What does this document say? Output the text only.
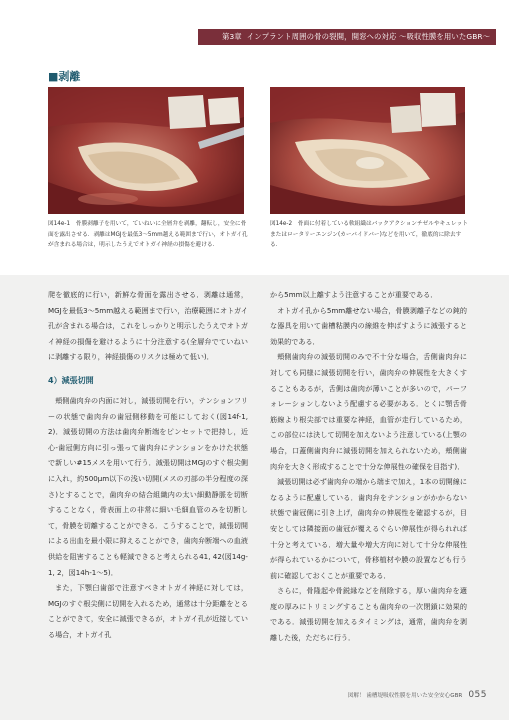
第3章 インプラント周囲の骨の裂開，開窓への対応 ～吸収性膜を用いたGBR～
■剥離
図14e-1　 骨膜剥離子を用いて，ていねいに全層弁を剥離，翻転し，安全に骨面を露出させる．剥離はMGJを最低3～5mm越える範囲まで行い，オトガイ孔が含まれる場合は，明示したうえでオトガイ神経の損傷を避ける．
図14e-2　 骨面に付着している軟組織はバックアクションチゼルやキュレットまたはロータリーエンジン(カーバイドバー)などを用いて，徹底的に除去する．

爬を徹底的に行い，新鮮な骨面を露出させる．剥離は通常，MGJを最低3～5mm越える範囲まで行い，治療範囲にオトガイ孔が含まれる場合は，これをしっかりと明示したうえでオトガイ神経の損傷を避けるように十分注意する(全層弁でていねいに剥離する限り，神経損傷のリスクは極めて低い)．

4）減張切開

頬側歯肉弁の内面に対し，減張切開を行い，テンションフリーの状態で歯肉弁の歯冠側移動を可能にしておく(図14f-1, 2)．減張切開の方法は歯肉弁断端をピンセットで把持し，近心-歯冠側方向に引っ張って歯肉弁にテンションをかけた状態で新しい#15メスを用いて行う．減張切開はMGJのすぐ根尖側に入れ，約500μm以下の浅い切開(メスの刃部の半分程度の深さ)とすることで，歯肉弁の結合組織内の太い細動静脈を切断することなく，骨表面上の非常に細い毛細血管のみを切断して，骨膜を切離することができる．こうすることで，減張切開による出血を最小限に抑えることができ，歯肉弁断端への血液供給を阻害することも軽減できると考えられる41, 42(図14g-1, 2，図14h-1～5)．

また，下顎臼歯部で注意すべきオトガイ神経に対しては，MGJのすぐ根尖側に切開を入れるため，通常は十分距離をとることができて，安全に減張できるが，オトガイ孔が近接している場合，オトガイ孔

から5mm以上離すよう注意することが重要である．

オトガイ孔から5mm離せない場合，骨膜剥離子などの鈍的な器具を用いて歯槽粘膜内の線維を伸ばすように減張すると効果的である．

頬側歯肉弁の減張切開のみで不十分な場合，舌側歯肉弁に対しても同様に減張切開を行い，歯肉弁の伸展性を大きくすることもあるが，舌側は歯肉が薄いことが多いので，パーフォレーションしないよう配慮する必要がある．とくに顎舌骨筋線より根尖部では重要な神経，血管が走行しているため，この部位には決して切開を加えないよう注意している(上顎の場合，口蓋側歯肉弁に減張切開を加えられないため，頬側歯肉弁を大きく形成することで十分な伸展性の確保を目指す)．

減張切開は必ず歯肉弁の端から端まで加え，1本の切開線になるように配慮している．歯肉弁をテンションがかからない状態で歯冠側に引き上げ，歯肉弁の伸展性を確認するが，目安としては隣接面の歯冠が覆えるぐらい伸展性が得られれば十分と考えている．増大量や増大方向に対して十分な伸展性が得られているかについて，骨移植材や膜の設置なども行う前に確認しておくことが重要である．

さらに，骨隆起や骨鋭縁などを削除する，厚い歯肉弁を適度の厚みにトリミングすることも歯肉弁の一次閉鎖に効果的である．減張切開を加えるタイミングは，通常，歯肉弁を剥離した後，ただちに行う．

図解！ 歯槽堤吸収性膜を用いた安全安心GBR 055
